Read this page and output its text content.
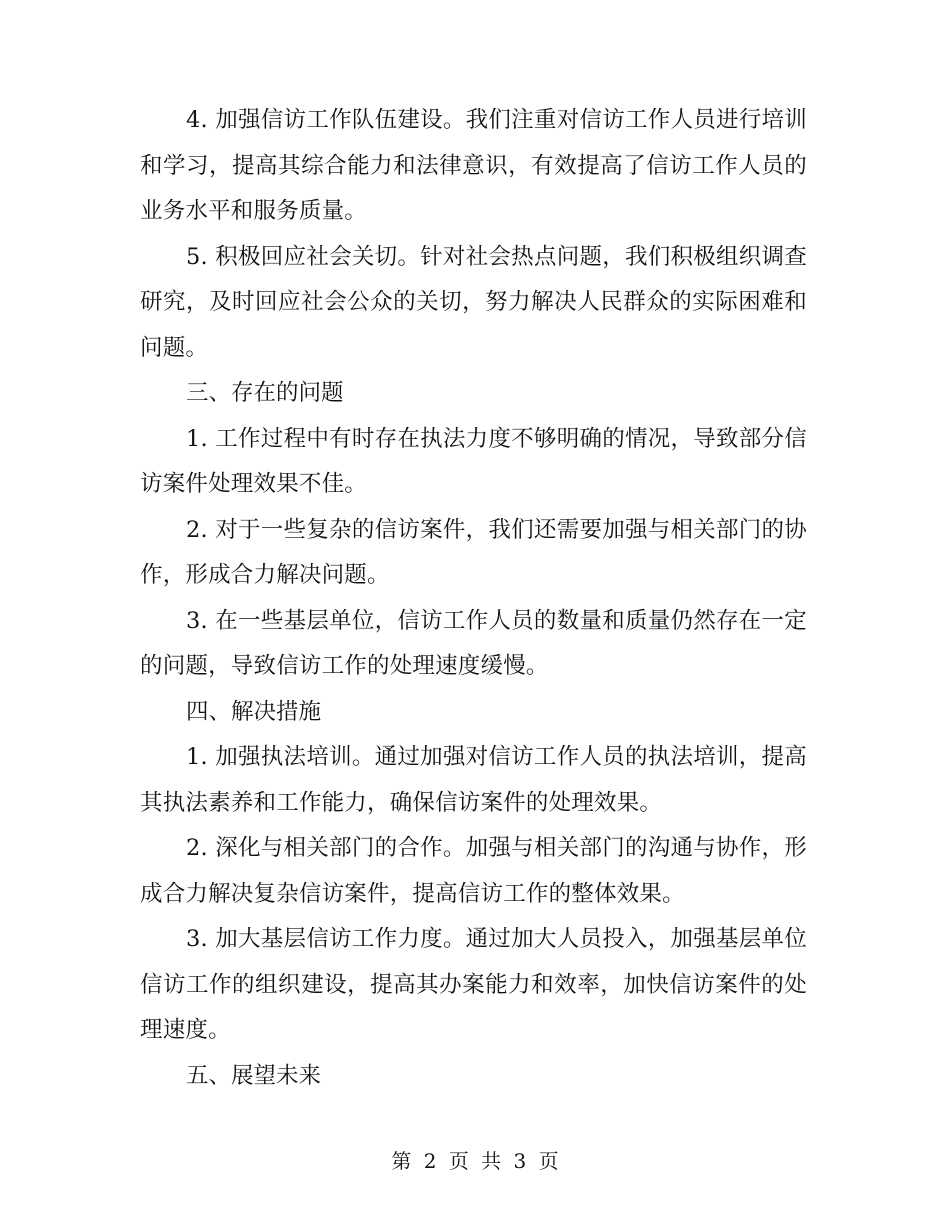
4. 加强信访工作队伍建设。我们注重对信访工作人员进行培训和学习，提高其综合能力和法律意识，有效提高了信访工作人员的业务水平和服务质量。

5. 积极回应社会关切。针对社会热点问题，我们积极组织调查研究，及时回应社会公众的关切，努力解决人民群众的实际困难和问题。

三、存在的问题

1. 工作过程中有时存在执法力度不够明确的情况，导致部分信访案件处理效果不佳。

2. 对于一些复杂的信访案件，我们还需要加强与相关部门的协作，形成合力解决问题。

3. 在一些基层单位，信访工作人员的数量和质量仍然存在一定的问题，导致信访工作的处理速度缓慢。

四、解决措施

1. 加强执法培训。通过加强对信访工作人员的执法培训，提高其执法素养和工作能力，确保信访案件的处理效果。

2. 深化与相关部门的合作。加强与相关部门的沟通与协作，形成合力解决复杂信访案件，提高信访工作的整体效果。

3. 加大基层信访工作力度。通过加大人员投入，加强基层单位信访工作的组织建设，提高其办案能力和效率，加快信访案件的处理速度。

五、展望未来

第 2 页 共 3 页
